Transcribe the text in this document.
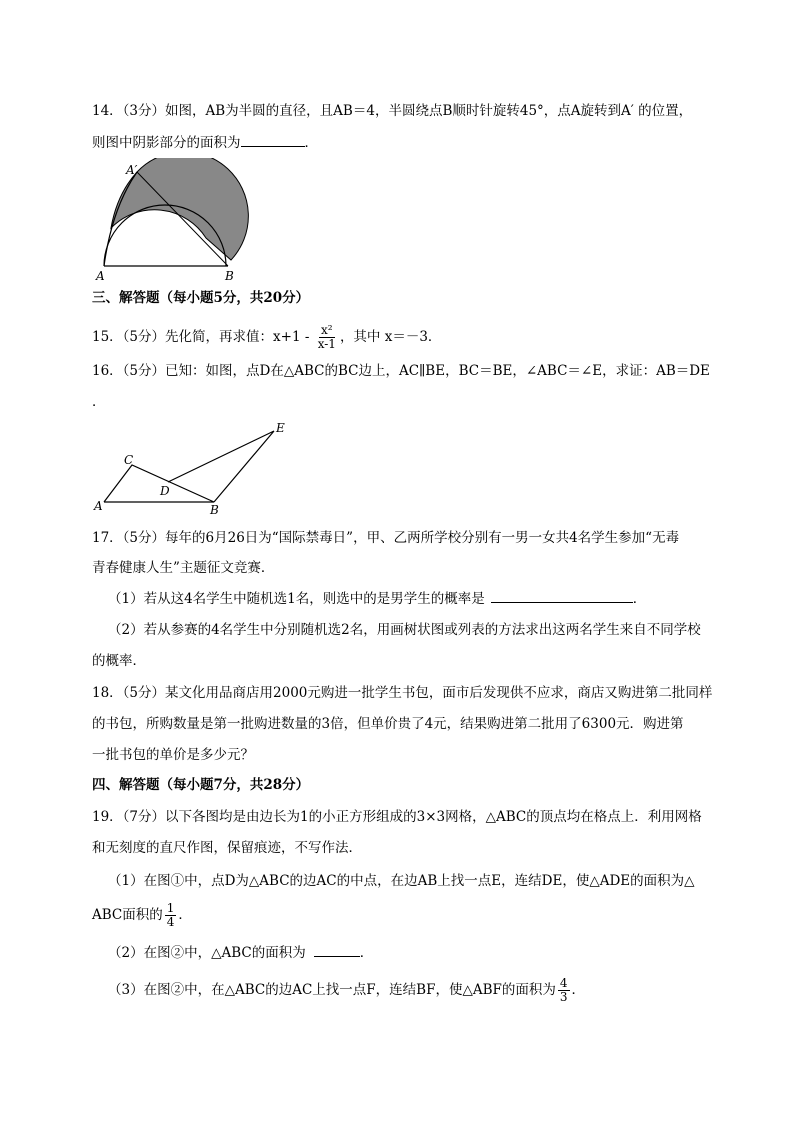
14．（3分）如图，AB为半圆的直径，且AB＝4，半圆绕点B顺时针旋转45°，点A旋转到A′ 的位置，
则图中阴影部分的面积为	．
A′
A	B
三、解答题（每小题5分，共20分）
15．（5分）先化简，再求值：$x+1 - \frac{\text{x²}}{x-1}$ ，其中 x＝－3．
16．（5分）已知：如图，点D在△ABC的BC边上，AC∥BE，BC＝BE，∠ABC＝∠E，求证：AB＝DE
．
C
D
E
A	B
17．（5分）每年的6月26日为“国际禁毒日”，甲、乙两所学校分别有一男一女共4名学生参加“无毒
青春健康人生”主题征文竞赛．
（1）若从这4名学生中随机选1名，则选中的是男学生的概率是	．
（2）若从参赛的4名学生中分别随机选2名，用画树状图或列表的方法求出这两名学生来自不同学校
的概率．
18．（5分）某文化用品商店用2000元购进一批学生书包，面市后发现供不应求，商店又购进第二批同样
的书包，所购数量是第一批购进数量的3倍，但单价贵了4元，结果购进第二批用了6300元．购进第
一批书包的单价是多少元？
四、解答题（每小题7分，共28分）
19．（7分）以下各图均是由边长为1的小正方形组成的3×3网格，△ABC的顶点均在格点上．利用网格
和无刻度的直尺作图，保留痕迹，不写作法．
（1）在图①中，点D为△ABC的边AC的中点，在边AB上找一点E，连结DE，使△ADE的面积为△
ABC面积的 $\frac{1}{4}$ ．
（2）在图②中，△ABC的面积为	．
（3）在图②中，在△ABC的边AC上找一点F，连结BF，使△ABF的面积为 $\frac{4}{3}$ ．
